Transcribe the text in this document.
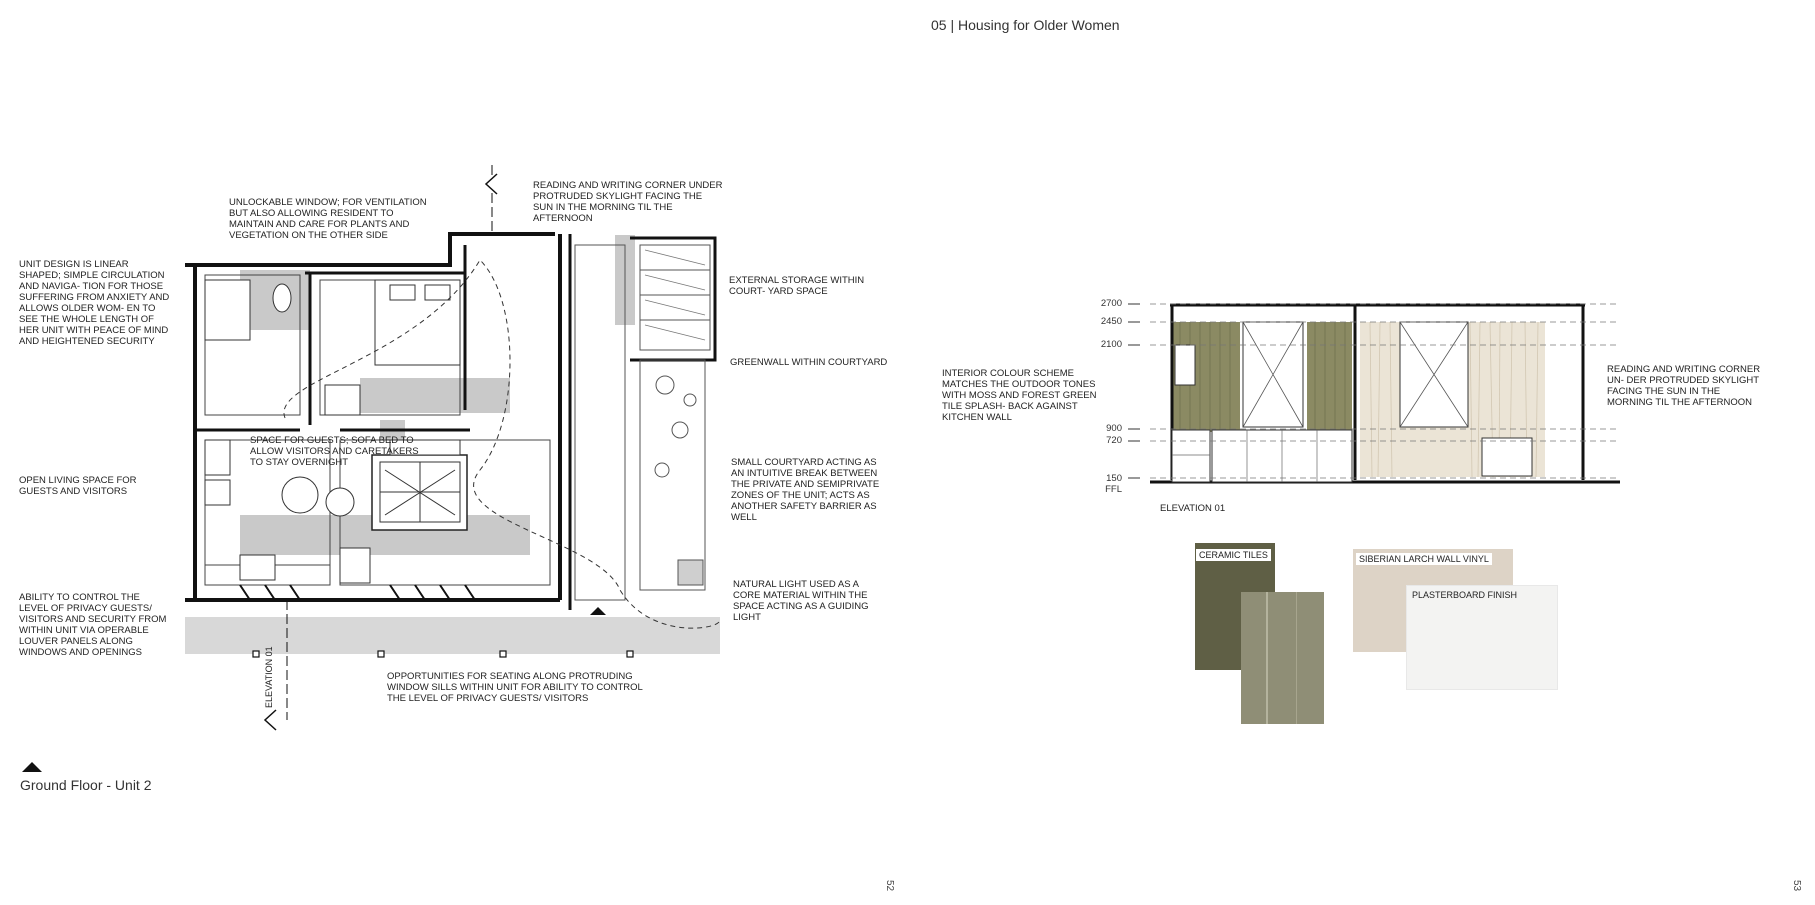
05 | Housing for Older Women
ELEVATION 01
UNLOCKABLE WINDOW; FOR VENTILATION BUT ALSO ALLOWING RESIDENT TO MAINTAIN AND CARE FOR PLANTS AND VEGETATION ON THE OTHER SIDE
READING AND WRITING CORNER UNDER PROTRUDED SKYLIGHT FACING THE SUN IN THE MORNING TIL THE AFTERNOON
UNIT DESIGN IS LINEAR SHAPED; SIMPLE CIRCULATION AND NAVIGA- TION FOR THOSE SUFFERING FROM ANXIETY AND ALLOWS OLDER WOM- EN TO SEE THE WHOLE LENGTH OF HER UNIT WITH PEACE OF MIND AND HEIGHTENED SECURITY
EXTERNAL STORAGE WITHIN COURT- YARD SPACE
GREENWALL WITHIN COURTYARD
SPACE FOR GUESTS; SOFA BED TO ALLOW VISITORS AND CARETAKERS TO STAY OVERNIGHT
OPEN LIVING SPACE FOR GUESTS AND VISITORS
SMALL COURTYARD ACTING AS AN INTUITIVE BREAK BETWEEN THE PRIVATE AND SEMIPRIVATE ZONES OF THE UNIT; ACTS AS ANOTHER SAFETY BARRIER AS WELL
ABILITY TO CONTROL THE LEVEL OF PRIVACY GUESTS/ VISITORS AND SECURITY FROM WITHIN UNIT VIA OPERABLE LOUVER PANELS ALONG WINDOWS AND OPENINGS
NATURAL LIGHT USED AS A CORE MATERIAL WITHIN THE SPACE ACTING AS A GUIDING LIGHT
OPPORTUNITIES FOR SEATING ALONG PROTRUDING WINDOW SILLS WITHIN UNIT FOR ABILITY TO CONTROL THE LEVEL OF PRIVACY GUESTS/ VISITORS
Ground Floor - Unit 2
2700
2450
2100
900
720
150
FFL
ELEVATION 01
INTERIOR COLOUR SCHEME MATCHES THE OUTDOOR TONES WITH MOSS AND FOREST GREEN TILE SPLASH- BACK AGAINST KITCHEN WALL
READING AND WRITING CORNER UN- DER PROTRUDED SKYLIGHT FACING THE SUN IN THE MORNING TIL THE AFTERNOON
CERAMIC TILES	SIBERIAN LARCH WALL VINYL
PLASTERBOARD FINISH
52	53
